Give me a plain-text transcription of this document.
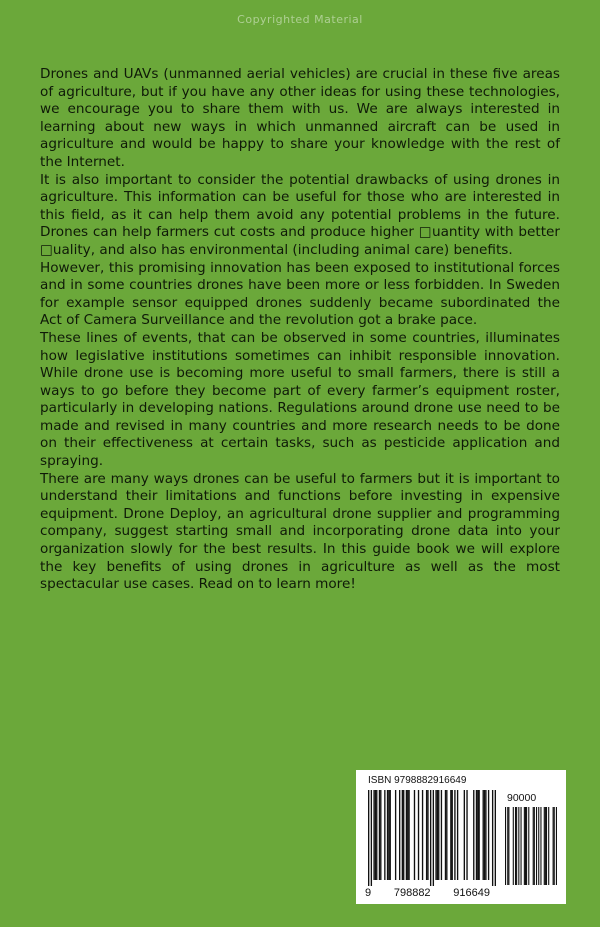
Copyrighted Material

Drones and UAVs (unmanned aerial vehicles) are crucial in these five areas of agriculture, but if you have any other ideas for using these technologies, we encourage you to share them with us. We are always interested in learning about new ways in which unmanned aircraft can be used in agriculture and would be happy to share your knowledge with the rest of the Internet.

It is also important to consider the potential drawbacks of using drones in agriculture. This information can be useful for those who are interested in this field, as it can help them avoid any potential problems in the future. Drones can help farmers cut costs and produce higher □uantity with better □uality, and also has environmental (including animal care) benefits.

However, this promising innovation has been exposed to institutional forces and in some countries drones have been more or less forbidden. In Sweden for example sensor equipped drones suddenly became subordinated the Act of Camera Surveillance and the revolution got a brake pace.

These lines of events, that can be observed in some countries, illuminates how legislative institutions sometimes can inhibit responsible innovation. While drone use is becoming more useful to small farmers, there is still a ways to go before they become part of every farmer’s equipment roster, particularly in developing nations. Regulations around drone use need to be made and revised in many countries and more research needs to be done on their effectiveness at certain tasks, such as pesticide application and spraying.

There are many ways drones can be useful to farmers but it is important to understand their limitations and functions before investing in expensive equipment. Drone Deploy, an agricultural drone supplier and programming company, suggest starting small and incorporating drone data into your organization slowly for the best results. In this guide book we will explore the key benefits of using drones in agriculture as well as the most spectacular use cases. Read on to learn more!

ISBN 9798882916649
90000
9 798882 916649
